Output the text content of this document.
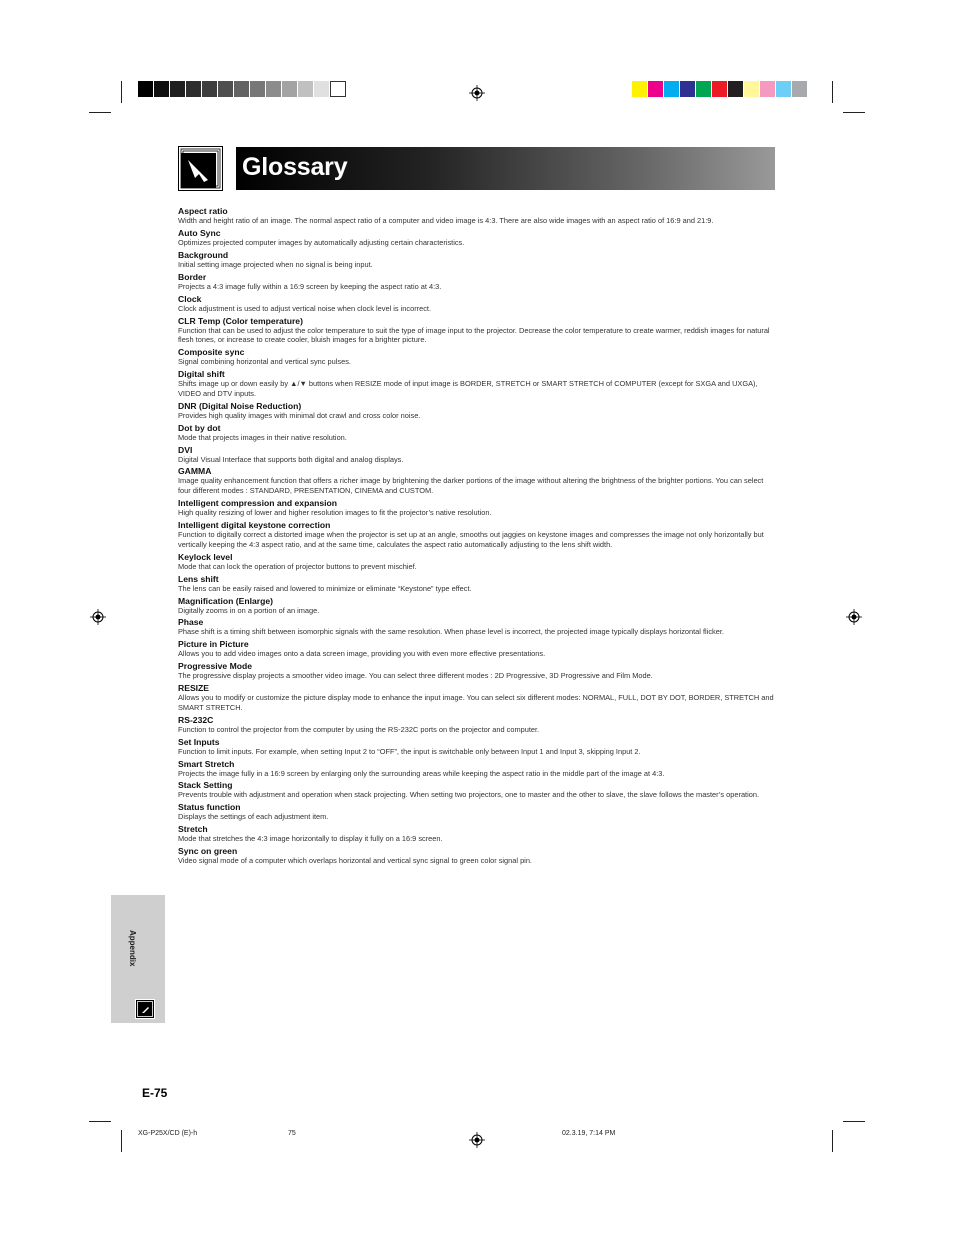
Glossary
Aspect ratio
Width and height ratio of an image. The normal aspect ratio of a computer and video image is 4:3. There are also wide images with an aspect ratio of 16:9 and 21:9.
Auto Sync
Optimizes projected computer images by automatically adjusting certain characteristics.
Background
Initial setting image projected when no signal is being input.
Border
Projects a 4:3 image fully within a 16:9 screen by keeping the aspect ratio at 4:3.
Clock
Clock adjustment is used to adjust vertical noise when clock level is incorrect.
CLR Temp (Color temperature)
Function that can be used to adjust the color temperature to suit the type of image input to the projector. Decrease the color temperature to create warmer, reddish images for natural flesh tones, or increase to create cooler, bluish images for a brighter picture.
Composite sync
Signal combining horizontal and vertical sync pulses.
Digital shift
Shifts image up or down easily by ▲/▼ buttons when RESIZE mode of input image is BORDER, STRETCH or SMART STRETCH of COMPUTER (except for SXGA and UXGA), VIDEO and DTV inputs.
DNR (Digital Noise Reduction)
Provides high quality images with minimal dot crawl and cross color noise.
Dot by dot
Mode that projects images in their native resolution.
DVI
Digital Visual Interface that supports both digital and analog displays.
GAMMA
Image quality enhancement function that offers a richer image by brightening the darker portions of the image without altering the brightness of the brighter portions. You can select four different modes : STANDARD, PRESENTATION, CINEMA and CUSTOM.
Intelligent compression and expansion
High quality resizing of lower and higher resolution images to fit the projector’s native resolution.
Intelligent digital keystone correction
Function to digitally correct a distorted image when the projector is set up at an angle, smooths out jaggies on keystone images and compresses the image not only horizontally but vertically keeping the 4:3 aspect ratio, and at the same time, calculates the aspect ratio automatically adjusting to the lens shift width.
Keylock level
Mode that can lock the operation of projector buttons to prevent mischief.
Lens shift
The lens can be easily raised and lowered to minimize or eliminate “Keystone” type effect.
Magnification (Enlarge)
Digitally zooms in on a portion of an image.
Phase
Phase shift is a timing shift between isomorphic signals with the same resolution. When phase level is incorrect, the projected image typically displays horizontal flicker.
Picture in Picture
Allows you to add video images onto a data screen image, providing you with even more effective presentations.
Progressive Mode
The progressive display projects a smoother video image. You can select three different modes : 2D Progressive, 3D Progressive and Film Mode.
RESIZE
Allows you to modify or customize the picture display mode to enhance the input image. You can select six different modes: NORMAL, FULL, DOT BY DOT, BORDER, STRETCH and SMART STRETCH.
RS-232C
Function to control the projector from the computer by using the RS-232C ports on the projector and computer.
Set Inputs
Function to limit inputs. For example, when setting Input 2 to “OFF”, the input is switchable only between Input 1 and Input 3, skipping Input 2.
Smart Stretch
Projects the image fully in a 16:9 screen by enlarging only the surrounding areas while keeping the aspect ratio in the middle part of the image at 4:3.
Stack Setting
Prevents trouble with adjustment and operation when stack projecting. When setting two projectors, one to master and the other to slave, the slave follows the master’s operation.
Status function
Displays the settings of each adjustment item.
Stretch
Mode that stretches the 4:3 image horizontally to display it fully on a 16:9 screen.
Sync on green
Video signal mode of a computer which overlaps horizontal and vertical sync signal to green color signal pin.
Appendix
E-75
XG-P25X/CD (E)-h	75	02.3.19, 7:14 PM
